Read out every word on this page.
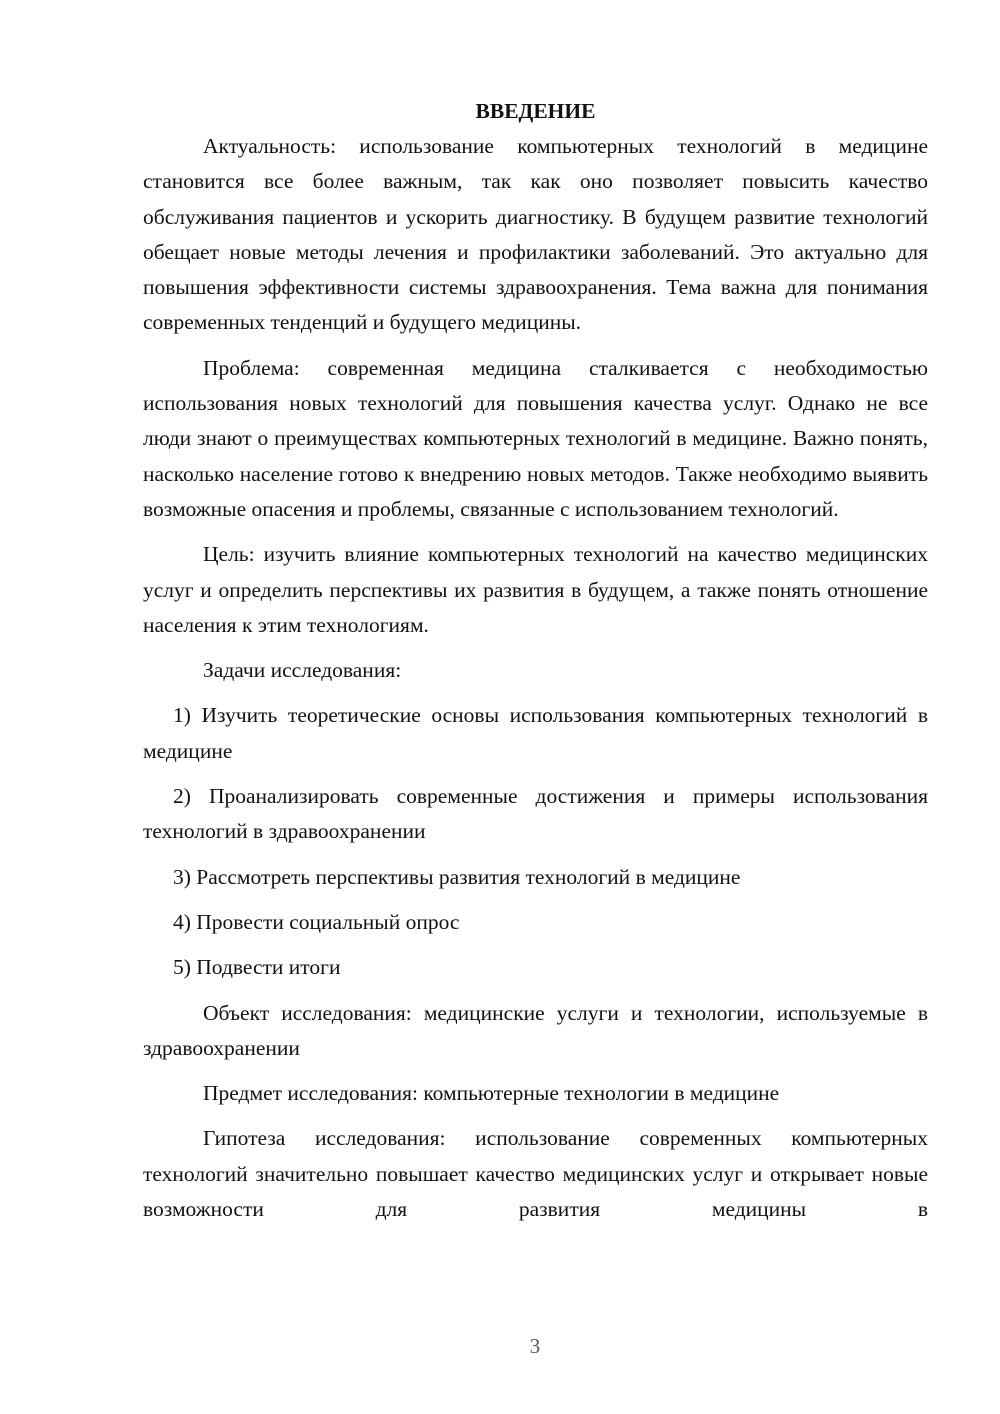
ВВЕДЕНИЕ

Актуальность: использование компьютерных технологий в медицине становится все более важным, так как оно позволяет повысить качество обслуживания пациентов и ускорить диагностику. В будущем развитие технологий обещает новые методы лечения и профилактики заболеваний. Это актуально для повышения эффективности системы здравоохранения. Тема важна для понимания современных тенденций и будущего медицины.

Проблема: современная медицина сталкивается с необходимостью использования новых технологий для повышения качества услуг. Однако не все люди знают о преимуществах компьютерных технологий в медицине. Важно понять, насколько население готово к внедрению новых методов. Также необходимо выявить возможные опасения и проблемы, связанные с использованием технологий.

Цель: изучить влияние компьютерных технологий на качество медицинских услуг и определить перспективы их развития в будущем, а также понять отношение населения к этим технологиям.

Задачи исследования:

1) Изучить теоретические основы использования компьютерных технологий в медицине

2) Проанализировать современные достижения и примеры использования технологий в здравоохранении

3) Рассмотреть перспективы развития технологий в медицине

4) Провести социальный опрос

5) Подвести итоги

Объект исследования: медицинские услуги и технологии, используемые в здравоохранении

Предмет исследования: компьютерные технологии в медицине

Гипотеза исследования: использование современных компьютерных технологий значительно повышает качество медицинских услуг и открывает новые возможности для развития медицины в

3
